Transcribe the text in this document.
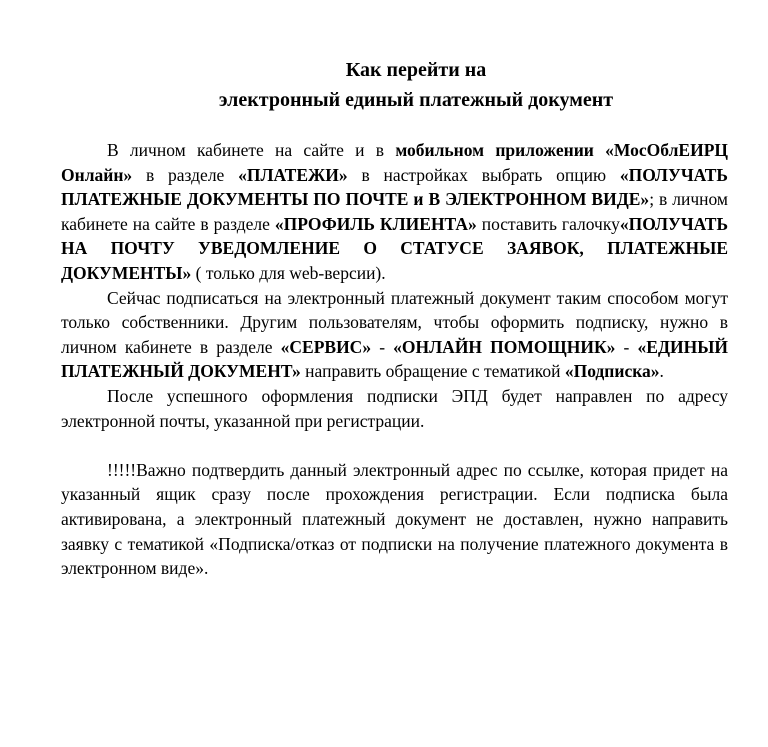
Как перейти на
электронный единый платежный документ

В личном кабинете на сайте и в мобильном приложении «МосОблЕИРЦ Онлайн» в разделе «ПЛАТЕЖИ» в настройках выбрать опцию «ПОЛУЧАТЬ ПЛАТЕЖНЫЕ ДОКУМЕНТЫ ПО ПОЧТЕ и В ЭЛЕКТРОННОМ ВИДЕ»; в личном кабинете на сайте в разделе «ПРОФИЛЬ КЛИЕНТА» поставить галочку«ПОЛУЧАТЬ НА ПОЧТУ УВЕДОМЛЕНИЕ О СТАТУСЕ ЗАЯВОК, ПЛАТЕЖНЫЕ ДОКУМЕНТЫ» ( только для web-версии).

Сейчас подписаться на электронный платежный документ таким способом могут только собственники. Другим пользователям, чтобы оформить подписку, нужно в личном кабинете в разделе «СЕРВИС» - «ОНЛАЙН ПОМОЩНИК» - «ЕДИНЫЙ ПЛАТЕЖНЫЙ ДОКУМЕНТ» направить обращение с тематикой «Подписка».

После успешного оформления подписки ЭПД будет направлен по адресу электронной почты, указанной при регистрации.

!!!!!Важно подтвердить данный электронный адрес по ссылке, которая придет на указанный ящик сразу после прохождения регистрации. Если подписка была активирована, а электронный платежный документ не доставлен, нужно направить заявку с тематикой «Подписка/отказ от подписки на получение платежного документа в электронном виде».
